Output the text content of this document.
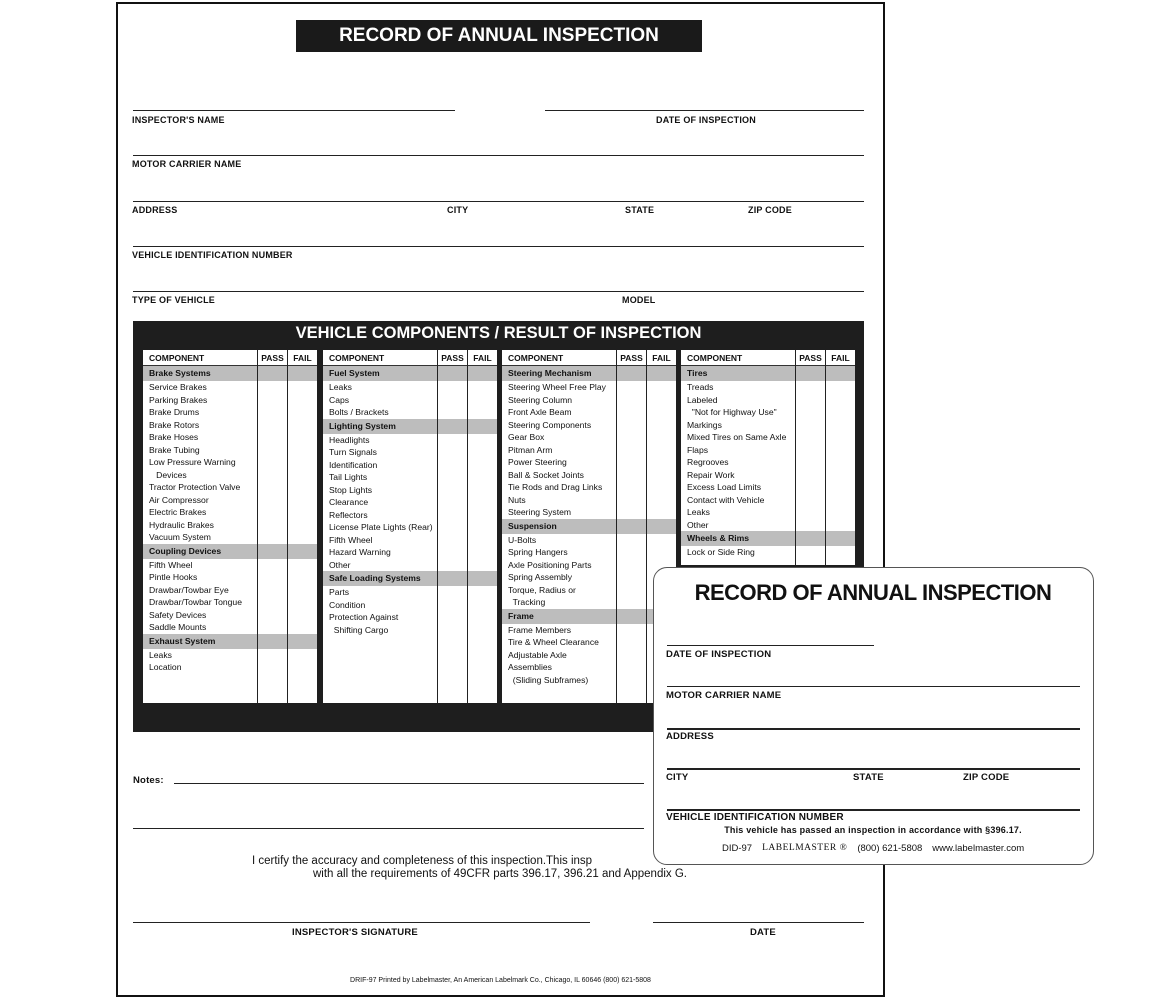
RECORD OF ANNUAL INSPECTION
INSPECTOR'S NAME	DATE OF INSPECTION
MOTOR CARRIER NAME
ADDRESS	CITY	STATE	ZIP CODE
VEHICLE IDENTIFICATION NUMBER
TYPE OF VEHICLE	MODEL
VEHICLE COMPONENTS / RESULT OF INSPECTION
COMPONENT	PASS	FAIL
Brake Systems
Service Brakes
Parking Brakes
Brake Drums
Brake Rotors
Brake Hoses
Brake Tubing
Low Pressure Warning
Devices
Tractor Protection Valve
Air Compressor
Electric Brakes
Hydraulic Brakes
Vacuum System
Coupling Devices
Fifth Wheel
Pintle Hooks
Drawbar/Towbar Eye
Drawbar/Towbar Tongue
Safety Devices
Saddle Mounts
Exhaust System
Leaks
Location
COMPONENT	PASS	FAIL
Fuel System
Leaks
Caps
Bolts / Brackets
Lighting System
Headlights
Turn Signals
Identification
Tail Lights
Stop Lights
Clearance
Reflectors
License Plate Lights (Rear)
Fifth Wheel
Hazard Warning
Other
Safe Loading Systems
Parts
Condition
Protection Against
Shifting Cargo
COMPONENT	PASS	FAIL
Steering Mechanism
Steering Wheel Free Play
Steering Column
Front Axle Beam
Steering Components
Gear Box
Pitman Arm
Power Steering
Ball & Socket Joints
Tie Rods and Drag Links
Nuts
Steering System
Suspension
U-Bolts
Spring Hangers
Axle Positioning Parts
Spring Assembly
Torque, Radius or
Tracking
Frame
Frame Members
Tire & Wheel Clearance
Adjustable Axle
Assemblies
(Sliding Subframes)
COMPONENT	PASS	FAIL
Tires
Treads
Labeled
"Not for Highway Use"
Markings
Mixed Tires on Same Axle
Flaps
Regrooves
Repair Work
Excess Load Limits
Contact with Vehicle
Leaks
Other
Wheels & Rims
Lock or Side Ring
Notes:
I certify the accuracy and completeness of this inspection.This insp
with all the requirements of 49CFR parts 396.17, 396.21 and Appendix G.
INSPECTOR'S SIGNATURE	DATE
DRIF-97 Printed by Labelmaster, An American Labelmark Co., Chicago, IL 60646 (800) 621-5808
RECORD OF ANNUAL INSPECTION
DATE OF INSPECTION
MOTOR CARRIER NAME
ADDRESS
CITY	STATE	ZIP CODE
VEHICLE IDENTIFICATION NUMBER
This vehicle has passed an inspection in accordance with §396.17.
DID-97 LABELMASTER ® (800) 621-5808 www.labelmaster.com
